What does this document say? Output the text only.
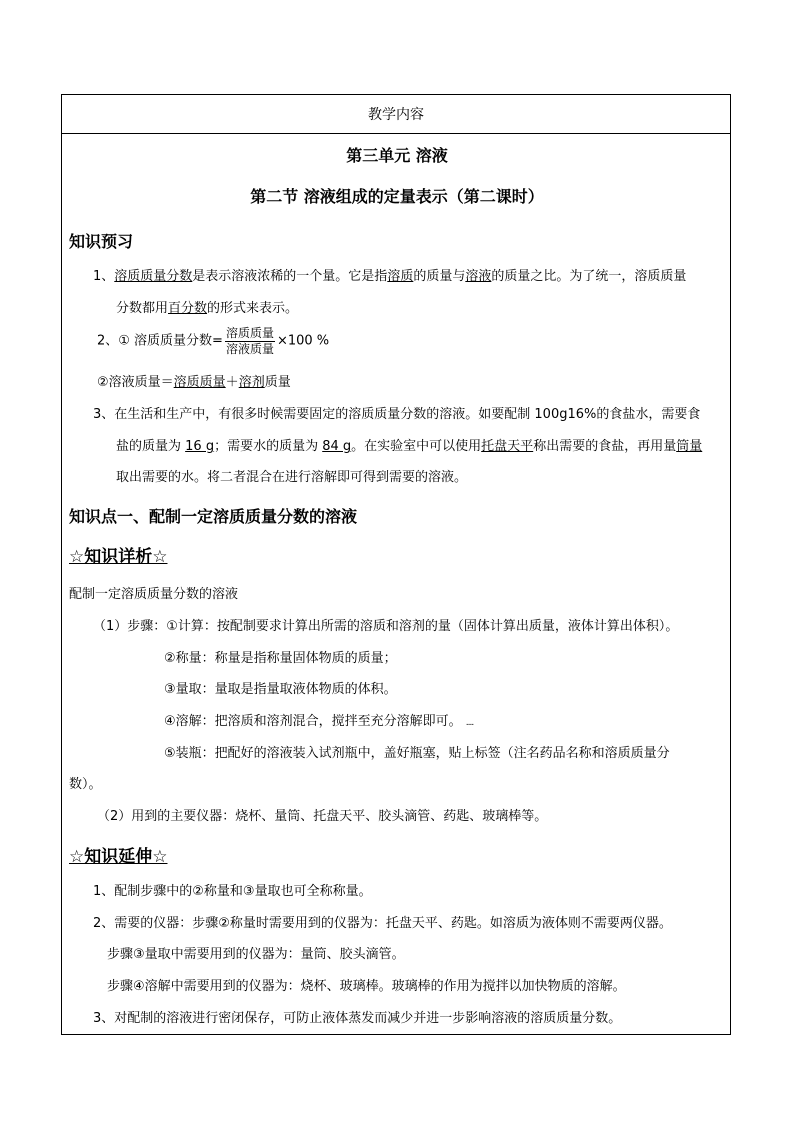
教学内容
第三单元 溶液
第二节 溶液组成的定量表示（第二课时）
知识预习
1、溶质质量分数是表示溶液浓稀的一个量。它是指溶质的质量与溶液的质量之比。为了统一，溶质质量
分数都用百分数的形式来表示。
2、① 溶质质量分数= $\frac{\text{溶质质量}}{\text{溶液质量}} \times 100$ %
②溶液质量＝溶质质量＋溶剂质量
3、在生活和生产中，有很多时候需要固定的溶质质量分数的溶液。如要配制 100g16%的食盐水，需要食
盐的质量为 16 g；需要水的质量为 84 g。在实验室中可以使用托盘天平称出需要的食盐，再用量筒量
取出需要的水。将二者混合在进行溶解即可得到需要的溶液。
知识点一、配制一定溶质质量分数的溶液
☆知识详析☆
配制一定溶质质量分数的溶液
（1）步骤：①计算：按配制要求计算出所需的溶质和溶剂的量（固体计算出质量，液体计算出体积）。
②称量：称量是指称量固体物质的质量；
③量取：量取是指量取液体物质的体积。
④溶解：把溶质和溶剂混合，搅拌至充分溶解即可。 ....
⑤装瓶：把配好的溶液装入试剂瓶中，盖好瓶塞，贴上标签（注名药品名称和溶质质量分
数）。
（2）用到的主要仪器：烧杯、量筒、托盘天平、胶头滴管、药匙、玻璃棒等。
☆知识延伸☆
1、配制步骤中的②称量和③量取也可全称称量。
2、需要的仪器：步骤②称量时需要用到的仪器为：托盘天平、药匙。如溶质为液体则不需要两仪器。
步骤③量取中需要用到的仪器为：量筒、胶头滴管。
步骤④溶解中需要用到的仪器为：烧杯、玻璃棒。玻璃棒的作用为搅拌以加快物质的溶解。
3、对配制的溶液进行密闭保存，可防止液体蒸发而减少并进一步影响溶液的溶质质量分数。
